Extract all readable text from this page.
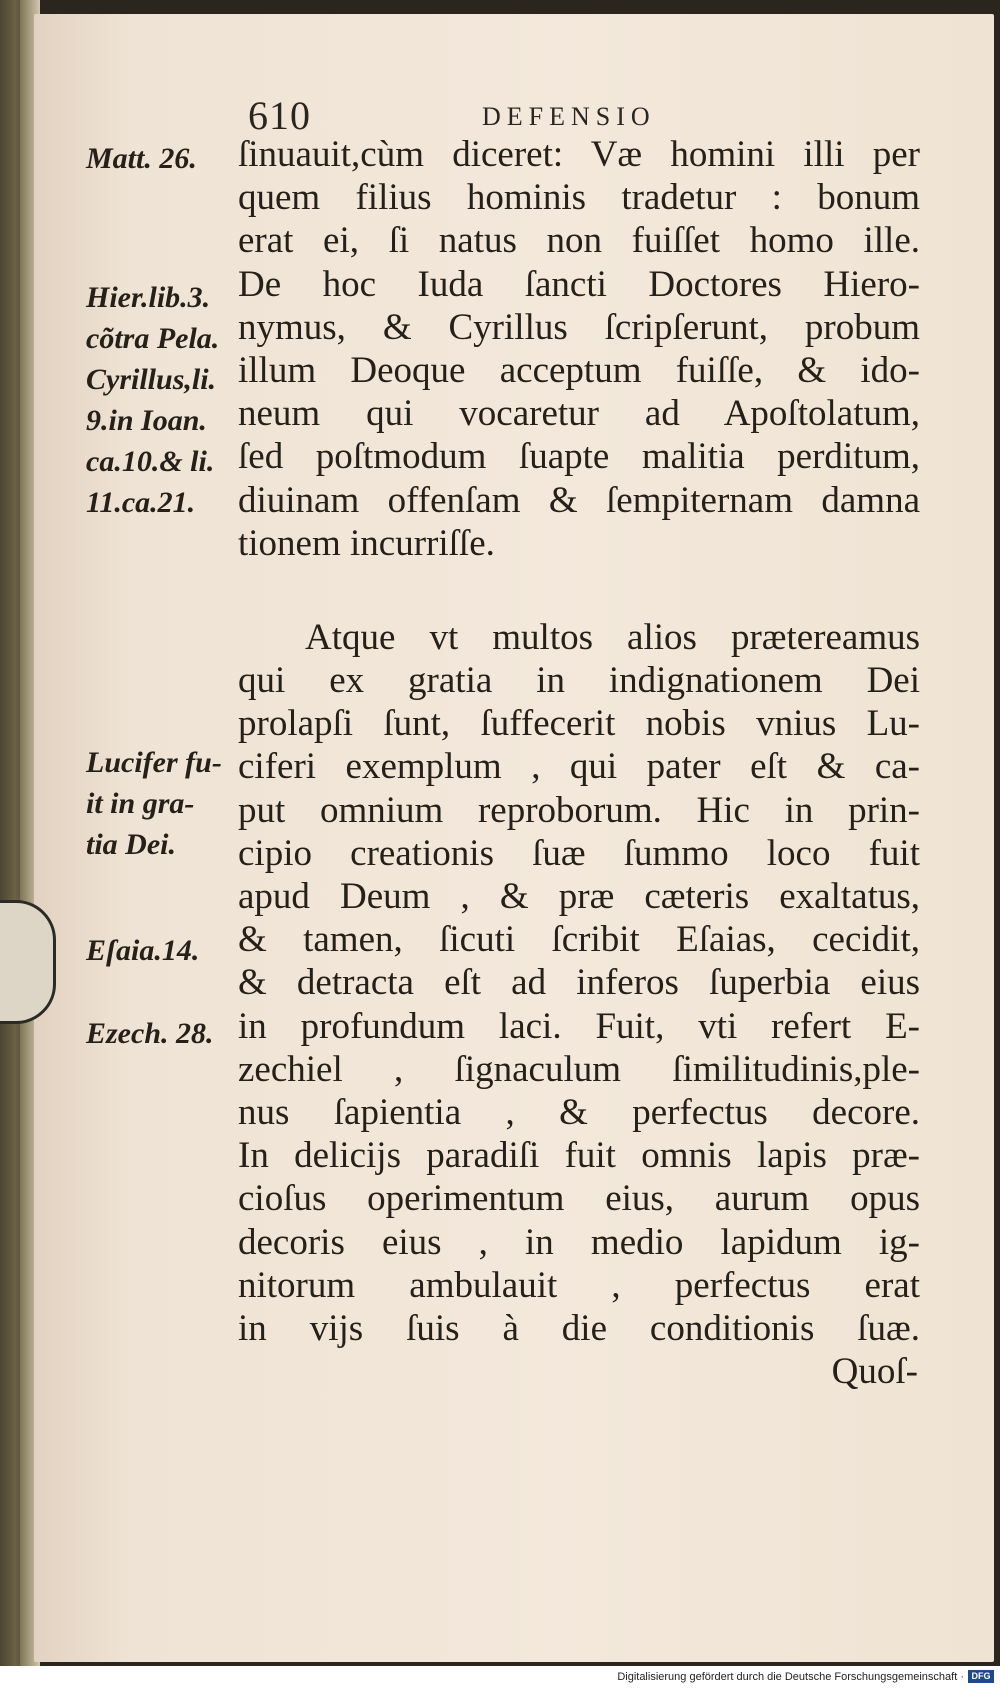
610	DEFENSIO
ſinuauit,cùm diceret: Væ homini illi per
quem filius hominis tradetur : bonum
erat ei, ſi natus non fuiſſet homo ille.
De hoc Iuda ſancti Doctores Hiero-
nymus, & Cyrillus ſcripſerunt, probum
illum Deoque acceptum fuiſſe, & ido-
neum qui vocaretur ad Apoſtolatum,
ſed poſtmodum ſuapte malitia perditum,
diuinam offenſam & ſempiternam damna
tionem incurriſſe.
Atque vt multos alios prætereamus
qui ex gratia in indignationem Dei
prolapſi ſunt, ſuffecerit nobis vnius Lu-
ciferi exemplum , qui pater eſt & ca-
put omnium reproborum. Hic in prin-
cipio creationis ſuæ ſummo loco fuit
apud Deum , & præ cæteris exaltatus,
& tamen, ſicuti ſcribit Eſaias, cecidit,
& detracta eſt ad inferos ſuperbia eius
in profundum laci. Fuit, vti refert E-
zechiel , ſignaculum ſimilitudinis,ple-
nus ſapientia , & perfectus decore.
In delicijs paradiſi fuit omnis lapis præ-
cioſus operimentum eius, aurum opus
decoris eius , in medio lapidum ig-
nitorum ambulauit , perfectus erat
in vijs ſuis à die conditionis ſuæ.
Quoſ-
Matt. 26.
Hier.lib.3.
cõtra Pela.
Cyrillus,li.
9.in Ioan.
ca.10.& li.
11.ca.21.
Lucifer fu-
it in gra-
tia Dei.
Eſaia.14.
Ezech. 28.
Digitalisierung gefördert durch die Deutsche Forschungsgemeinschaft · DFG
